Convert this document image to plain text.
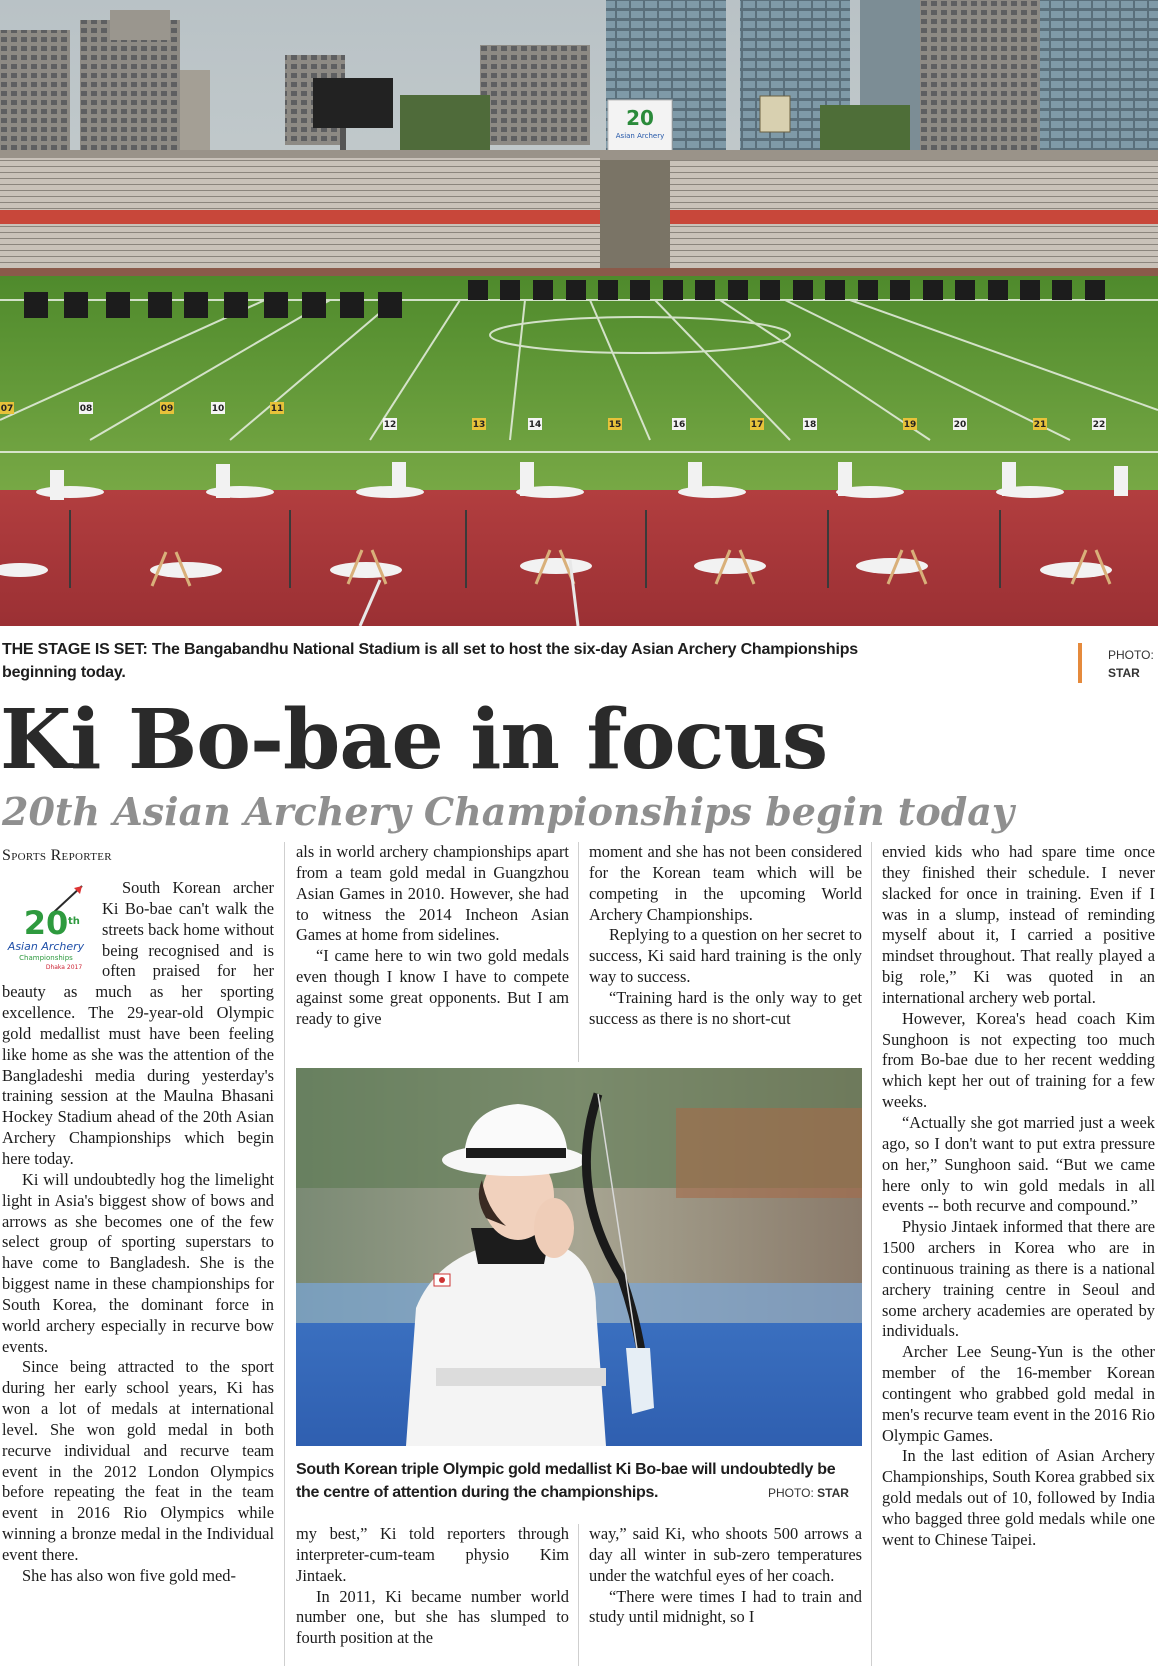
20
Asian Archery
07	08	09	10	11
12	13	14	15	16	17	18	19	20	21	22
THE STAGE IS SET: The Bangabandhu National Stadium is all set to host the six-day Asian Archery Championships beginning today.
PHOTO:
STAR
Ki Bo-bae in focus
20th Asian Archery Championships begin today
Sports Reporter
20 th
Asian Archery
Championships
Dhaka 2017

South Korean archer Ki Bo-bae can't walk the streets back home without being recognised and is often praised for her beauty as much as her sporting excellence. The 29-year-old Olympic gold medallist must have been feeling like home as she was the attention of the Bangladeshi media during yesterday's training session at the Maulna Bhasani Hockey Stadium ahead of the 20th Asian Archery Championships which begin here today.

Ki will undoubtedly hog the limelight light in Asia's biggest show of bows and arrows as she becomes one of the few select group of sporting superstars to have come to Bangladesh. She is the biggest name in these championships for South Korea, the dominant force in world archery especially in recurve bow events.

Since being attracted to the sport during her early school years, Ki has won a lot of medals at international level. She won gold medal in both recurve individual and recurve team event in the 2012 London Olympics before repeating the feat in the team event in 2016 Rio Olympics while winning a bronze medal in the Individual event there.

She has also won five gold med-

als in world archery championships apart from a team gold medal in Guangzhou Asian Games in 2010. However, she had to witness the 2014 Incheon Asian Games at home from sidelines.

“I came here to win two gold medals even though I know I have to compete against some great opponents. But I am ready to give

moment and she has not been considered for the Korean team which will be competing in the upcoming World Archery Championships.

Replying to a question on her secret to success, Ki said hard training is the only way to success.

“Training hard is the only way to get success as there is no short-cut

South Korean triple Olympic gold medallist Ki Bo-bae will undoubtedly be the centre of attention during the championships.	PHOTO: STAR

my best,” Ki told reporters through interpreter-cum-team physio Kim Jintaek.

In 2011, Ki became number world number one, but she has slumped to fourth position at the

way,” said Ki, who shoots 500 arrows a day all winter in sub-zero temperatures under the watchful eyes of her coach.

“There were times I had to train and study until midnight, so I

envied kids who had spare time once they finished their schedule. I never slacked for once in training. Even if I was in a slump, instead of reminding myself about it, I carried a positive mindset throughout. That really played a big role,” Ki was quoted in an international archery web portal.

However, Korea's head coach Kim Sunghoon is not expecting too much from Bo-bae due to her recent wedding which kept her out of training for a few weeks.

“Actually she got married just a week ago, so I don't want to put extra pressure on her,” Sunghoon said. “But we came here only to win gold medals in all events -- both recurve and compound.”

Physio Jintaek informed that there are 1500 archers in Korea who are in continuous training as there is a national archery training centre in Seoul and some archery academies are operated by individuals.

Archer Lee Seung-Yun is the other member of the 16-member Korean contingent who grabbed gold medal in men's recurve team event in the 2016 Rio Olympic Games.

In the last edition of Asian Archery Championships, South Korea grabbed six gold medals out of 10, followed by India who bagged three gold medals while one went to Chinese Taipei.
